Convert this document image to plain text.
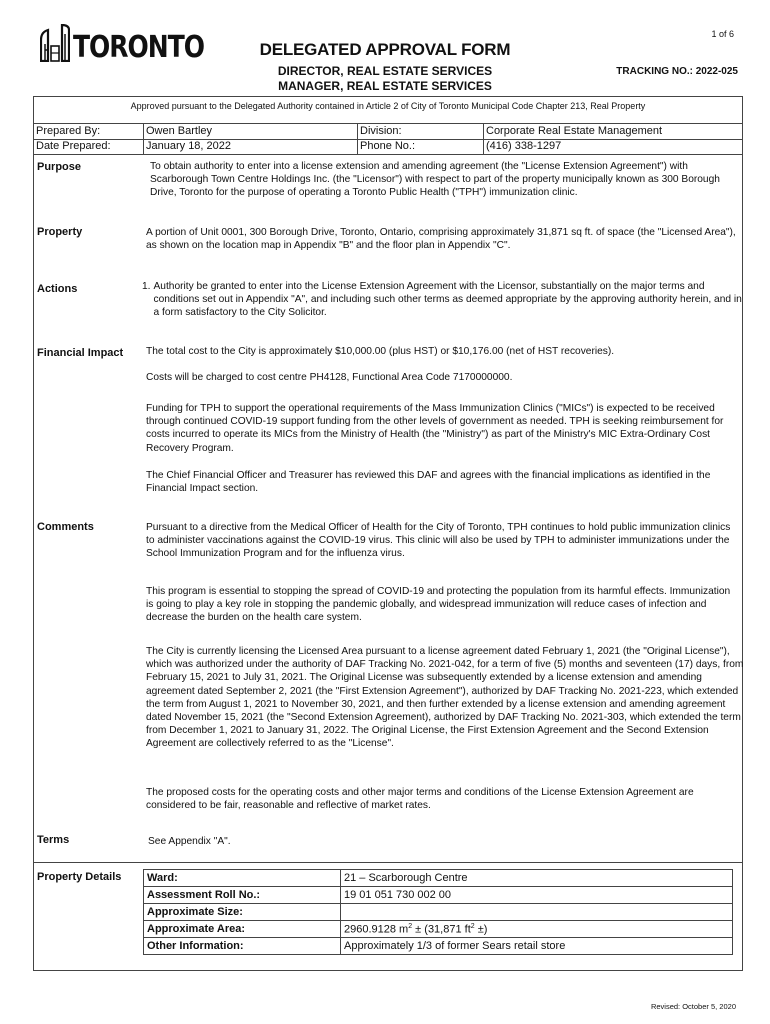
1 of 6
TORONTO	DELEGATED APPROVAL FORM
DIRECTOR, REAL ESTATE SERVICES
MANAGER, REAL ESTATE SERVICES
TRACKING NO.: 2022-025
Approved pursuant to the Delegated Authority contained in Article 2 of City of Toronto Municipal Code Chapter 213, Real Property
Prepared By:	Owen Bartley	Division:	Corporate Real Estate Management
Date Prepared:	January 18, 2022	Phone No.:	(416) 338-1297
Purpose	To obtain authority to enter into a license extension and amending agreement (the "License Extension Agreement") with Scarborough Town Centre Holdings Inc. (the "Licensor") with respect to part of the property municipally known as 300 Borough Drive, Toronto for the purpose of operating a Toronto Public Health ("TPH") immunization clinic.
Property	A portion of Unit 0001, 300 Borough Drive, Toronto, Ontario, comprising approximately 31,871 sq ft. of space (the "Licensed Area"), as shown on the location map in Appendix "B" and the floor plan in Appendix "C".
Actions	1. Authority be granted to enter into the License Extension Agreement with the Licensor, substantially on the major terms and conditions set out in Appendix "A", and including such other terms as deemed appropriate by the approving authority herein, and in a form satisfactory to the City Solicitor.
Financial Impact The total cost to the City is approximately $10,000.00 (plus HST) or $10,176.00 (net of HST recoveries).
Costs will be charged to cost centre PH4128, Functional Area Code 7170000000.
Funding for TPH to support the operational requirements of the Mass Immunization Clinics ("MICs") is expected to be received through continued COVID-19 support funding from the other levels of government as needed. TPH is seeking reimbursement for costs incurred to operate its MICs from the Ministry of Health (the "Ministry") as part of the Ministry's MIC Extra-Ordinary Cost Recovery Program.
The Chief Financial Officer and Treasurer has reviewed this DAF and agrees with the financial implications as identified in the Financial Impact section.
Comments	Pursuant to a directive from the Medical Officer of Health for the City of Toronto, TPH continues to hold public immunization clinics to administer vaccinations against the COVID-19 virus. This clinic will also be used by TPH to administer immunizations under the School Immunization Program and for the influenza virus.
This program is essential to stopping the spread of COVID-19 and protecting the population from its harmful effects. Immunization is going to play a key role in stopping the pandemic globally, and widespread immunization will reduce cases of infection and decrease the burden on the health care system.
The City is currently licensing the Licensed Area pursuant to a license agreement dated February 1, 2021 (the "Original License"), which was authorized under the authority of DAF Tracking No. 2021-042, for a term of five (5) months and seventeen (17) days, from February 15, 2021 to July 31, 2021. The Original License was subsequently extended by a license extension and amending agreement dated September 2, 2021 (the "First Extension Agreement"), authorized by DAF Tracking No. 2021-223, which extended the term from August 1, 2021 to November 30, 2021, and then further extended by a license extension and amending agreement dated November 15, 2021 (the "Second Extension Agreement), authorized by DAF Tracking No. 2021-303, which extended the term from December 1, 2021 to January 31, 2022. The Original License, the First Extension Agreement and the Second Extension Agreement are collectively referred to as the "License".
The proposed costs for the operating costs and other major terms and conditions of the License Extension Agreement are considered to be fair, reasonable and reflective of market rates.
Terms	See Appendix "A".
Property Details Ward:	21 – Scarborough Centre
Assessment Roll No.:	19 01 051 730 002 00
Approximate Size:	
Approximate Area:	2960.9128 $m^2 \pm (31,871$ $ft^2$ ±)
Other Information:	Approximately 1/3 of former Sears retail store
Revised: October 5, 2020
